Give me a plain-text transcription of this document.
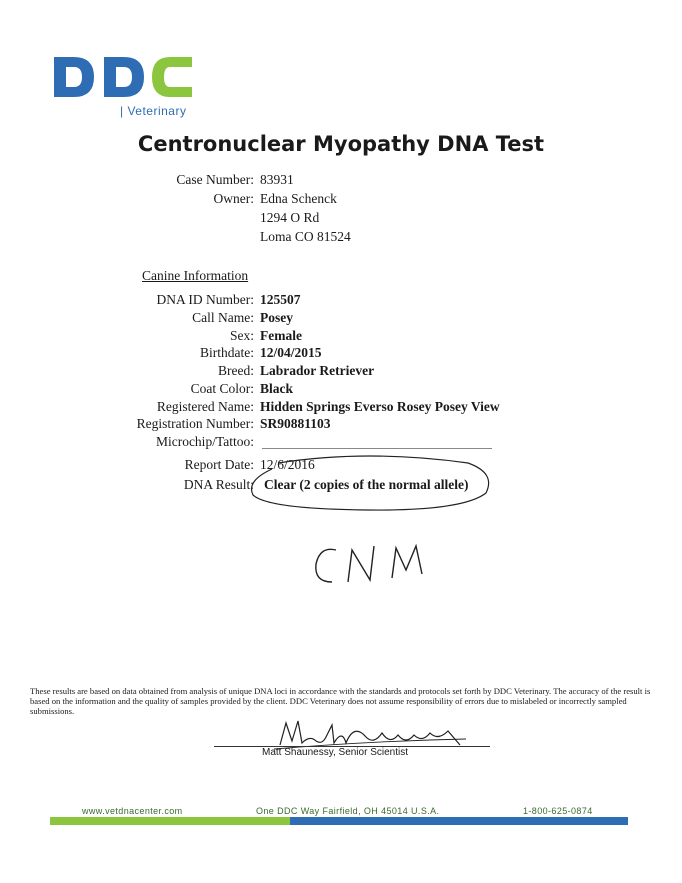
| Veterinary
Centronuclear Myopathy DNA Test
Case Number: 83931
Owner: Edna Schenck
1294 O Rd
Loma CO 81524
Canine Information
DNA ID Number: 125507
Call Name: Posey
Sex: Female
Birthdate: 12/04/2015
Breed: Labrador Retriever
Coat Color: Black
Registered Name: Hidden Springs Everso Rosey Posey View
Registration Number: SR90881103
Microchip/Tattoo:
Report Date: 12/6/2016
DNA Result: Clear (2 copies of the normal allele)
These results are based on data obtained from analysis of unique DNA loci in accordance with the standards and protocols set forth by DDC Veterinary. The accuracy of the result is based on the information and the quality of samples provided by the client. DDC Veterinary does not assume responsibility of errors due to mislabeled or incorrectly sampled submissions.
Matt Shaunessy, Senior Scientist
www.vetdnacenter.com	One DDC Way Fairfield, OH 45014 U.S.A.	1-800-625-0874
